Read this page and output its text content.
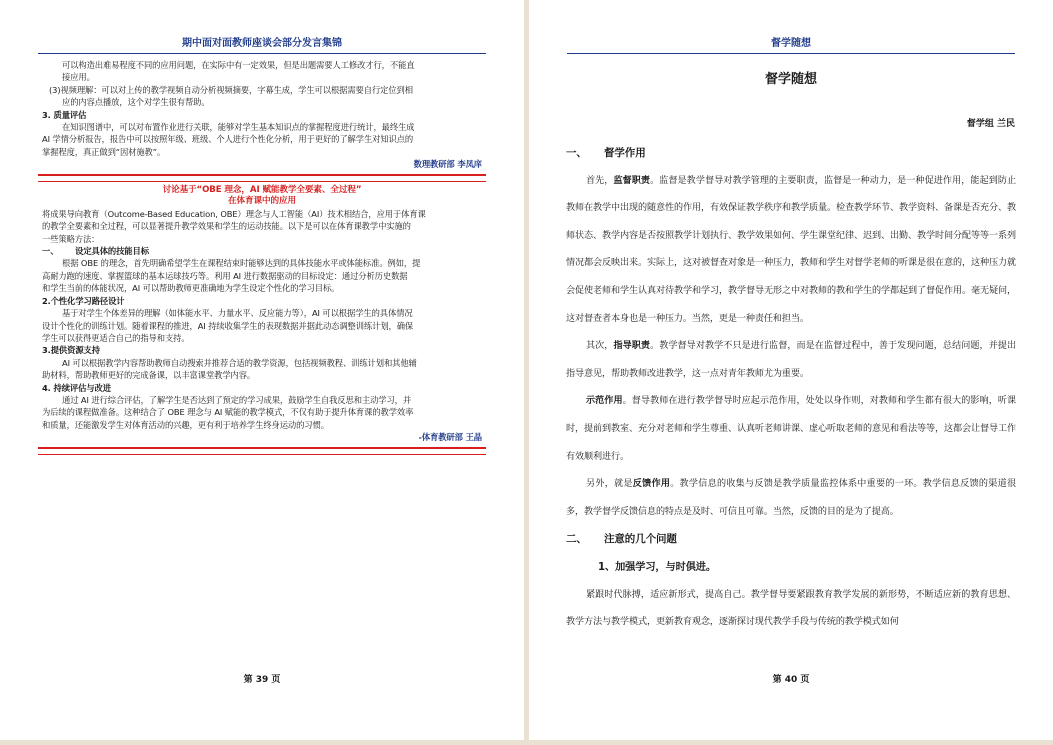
期中面对面教师座谈会部分发言集锦

可以构造出难易程度不同的应用问题，在实际中有一定效果，但是出题需要人工修改才行，不能直

接应用。

(3)视频理解：可以对上传的教学视频自动分析视频摘要，字幕生成，学生可以根据需要自行定位到相

应的内容点播放，这个对学生很有帮助。

3. 质量评估

在知识图谱中，可以对布置作业进行关联，能够对学生基本知识点的掌握程度进行统计，最终生成

AI 学情分析报告，报告中可以按照年级、班级、个人进行个性化分析，用于更好的了解学生对知识点的

掌握程度，真正做到“因材施教”。

数理教研部 李凤庠

讨论基于“OBE 理念，AI 赋能教学全要素、全过程”

在体育课中的应用

将成果导向教育（Outcome-Based Education, OBE）理念与人工智能（AI）技术相结合，应用于体育课

的教学全要素和全过程，可以显著提升教学效果和学生的运动技能。以下是可以在体育课教学中实施的

一些策略方法：

一、      设定具体的技能目标

根据 OBE 的理念，首先明确希望学生在课程结束时能够达到的具体技能水平或体能标准。例如，提

高耐力跑的速度、掌握篮球的基本运球技巧等。利用 AI 进行数据驱动的目标设定：通过分析历史数据

和学生当前的体能状况，AI 可以帮助教师更准确地为学生设定个性化的学习目标。

2.个性化学习路径设计

基于对学生个体差异的理解（如体能水平、力量水平、反应能力等），AI 可以根据学生的具体情况

设计个性化的训练计划。随着课程的推进，AI 持续收集学生的表现数据并据此动态调整训练计划，确保

学生可以获得更适合自己的指导和支持。

3.提供资源支持

AI 可以根据教学内容帮助教师自动搜索并推荐合适的教学资源，包括视频教程、训练计划和其他辅

助材料，帮助教师更好的完成备课，以丰富课堂教学内容。

4. 持续评估与改进

通过 AI 进行综合评估，了解学生是否达到了预定的学习成果，鼓励学生自我反思和主动学习，并

为后续的课程做准备。这种结合了 OBE 理念与 AI 赋能的教学模式，不仅有助于提升体育课的教学效率

和质量，还能激发学生对体育活动的兴趣，更有利于培养学生终身运动的习惯。

-体育教研部 王晶

第 39 页
督学随想
督学随想
督学组 兰民

一、 督学作用

首先，监督职责。监督是教学督导对教学管理的主要职责，监督是一种动力，是一种促进作用，能起到防止教师在教学中出现的随意性的作用，有效保证教学秩序和教学质量。检查教学环节、教学资料、备课是否充分、教师状态、教学内容是否按照教学计划执行、教学效果如何、学生课堂纪律、迟到、出勤、教学时间分配等等一系列情况都会反映出来。实际上，这对被督查对象是一种压力，教师和学生对督学老师的听课是很在意的，这种压力就会促使老师和学生认真对待教学和学习，教学督导无形之中对教师的教和学生的学都起到了督促作用。毫无疑问，这对督查者本身也是一种压力。当然，更是一种责任和担当。

其次，指导职责。教学督导对教学不只是进行监督，而是在监督过程中，善于发现问题，总结问题，并提出指导意见，帮助教师改进教学，这一点对青年教师尤为重要。

示范作用。督导教师在进行教学督导时应起示范作用，处处以身作则，对教师和学生都有很大的影响，听课时，提前到教室、充分对老师和学生尊重、认真听老师讲课、虚心听取老师的意见和看法等等，这都会让督导工作有效顺利进行。

另外，就是反馈作用。教学信息的收集与反馈是教学质量监控体系中重要的一环。教学信息反馈的渠道很多，教学督学反馈信息的特点是及时、可信且可靠。当然，反馈的目的是为了提高。

二、 注意的几个问题

1、加强学习，与时俱进。

紧跟时代脉搏，适应新形式，提高自己。教学督导要紧跟教育教学发展的新形势，不断适应新的教育思想、教学方法与教学模式，更新教育观念，逐渐探讨现代教学手段与传统的教学模式如何

第 40 页
